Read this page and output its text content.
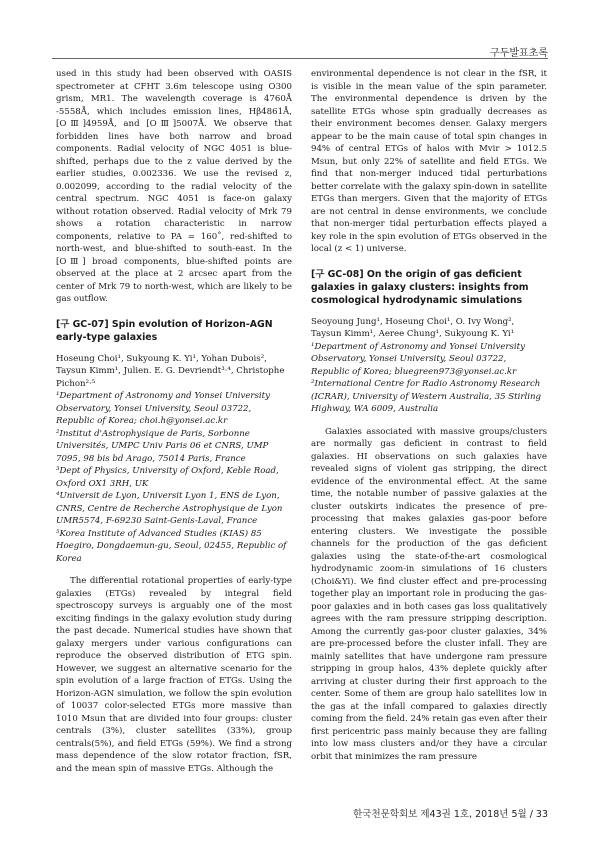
구두발표초록

used in this study had been observed with OASIS spectrometer at CFHT 3.6m telescope using O300 grism, MR1. The wavelength coverage is 4760Å -5558Å, which includes emission lines, Hβ4861Å, [OⅢ]4959Å, and [OⅢ]5007Å. We observe that forbidden lines have both narrow and broad components. Radial velocity of NGC 4051 is blue-shifted, perhaps due to the z value derived by the earlier studies, 0.002336. We use the revised z, 0.002099, according to the radial velocity of the central spectrum. NGC 4051 is face-on galaxy without rotation observed. Radial velocity of Mrk 79 shows a rotation characteristic in narrow components, relative to PA = 160˚, red-shifted to north-west, and blue-shifted to south-east. In the [OⅢ] broad components, blue-shifted points are observed at the place at 2 arcsec apart from the center of Mrk 79 to north-west, which are likely to be gas outflow.

[구 GC-07] Spin evolution of Horizon-AGN early-type galaxies

Hoseung Choi¹, Sukyoung K. Yi¹, Yohan Dubois², Taysun Kimm¹, Julien. E. G. Devriendt³·⁴, Christophe Pichon²·⁵

¹Department of Astronomy and Yonsei University Observatory, Yonsei University, Seoul 03722, Republic of Korea; choi.h@yonsei.ac.kr
²Institut d'Astrophysique de Paris, Sorbonne Universités, UMPC Univ Paris 06 et CNRS, UMP 7095, 98 bis bd Arago, 75014 Paris, France
³Dept of Physics, University of Oxford, Keble Road, Oxford OX1 3RH, UK
⁴Universit de Lyon, Universit Lyon 1, ENS de Lyon, CNRS, Centre de Recherche Astrophysique de Lyon UMR5574, F-69230 Saint-Genis-Laval, France
⁵Korea Institute of Advanced Studies (KIAS) 85 Hoegiro, Dongdaemun-gu, Seoul, 02455, Republic of Korea

The differential rotational properties of early-type galaxies (ETGs) revealed by integral field spectroscopy surveys is arguably one of the most exciting findings in the galaxy evolution study during the past decade. Numerical studies have shown that galaxy mergers under various configurations can reproduce the observed distribution of ETG spin. However, we suggest an alternative scenario for the spin evolution of a large fraction of ETGs. Using the Horizon-AGN simulation, we follow the spin evolution of 10037 color-selected ETGs more massive than 1010 Msun that are divided into four groups: cluster centrals (3%), cluster satellites (33%), group centrals(5%), and field ETGs (59%). We find a strong mass dependence of the slow rotator fraction, fSR, and the mean spin of massive ETGs. Although the

environmental dependence is not clear in the fSR, it is visible in the mean value of the spin parameter. The environmental dependence is driven by the satellite ETGs whose spin gradually decreases as their environment becomes denser. Galaxy mergers appear to be the main cause of total spin changes in 94% of central ETGs of halos with Mvir > 1012.5 Msun, but only 22% of satellite and field ETGs. We find that non-merger induced tidal perturbations better correlate with the galaxy spin-down in satellite ETGs than mergers. Given that the majority of ETGs are not central in dense environments, we conclude that non-merger tidal perturbation effects played a key role in the spin evolution of ETGs observed in the local (z < 1) universe.

[구 GC-08] On the origin of gas deficient galaxies in galaxy clusters: insights from cosmological hydrodynamic simulations

Seoyoung Jung¹, Hoseung Choi¹, O. Ivy Wong², Taysun Kimm¹, Aeree Chung¹, Sukyoung K. Yi¹

¹Department of Astronomy and Yonsei University Observatory, Yonsei University, Seoul 03722, Republic of Korea; bluegreen973@yonsei.ac.kr
²International Centre for Radio Astronomy Research (ICRAR), University of Western Australia, 35 Stirling Highway, WA 6009, Australia

Galaxies associated with massive groups/clusters are normally gas deficient in contrast to field galaxies. HI observations on such galaxies have revealed signs of violent gas stripping, the direct evidence of the environmental effect. At the same time, the notable number of passive galaxies at the cluster outskirts indicates the presence of pre-processing that makes galaxies gas-poor before entering clusters. We investigate the possible channels for the production of the gas deficient galaxies using the state-of-the-art cosmological hydrodynamic zoom-in simulations of 16 clusters (Choi&Yi). We find cluster effect and pre-processing together play an important role in producing the gas-poor galaxies and in both cases gas loss qualitatively agrees with the ram pressure stripping description. Among the currently gas-poor cluster galaxies, 34% are pre-processed before the cluster infall. They are mainly satellites that have undergone ram pressure stripping in group halos, 43% deplete quickly after arriving at cluster during their first approach to the center. Some of them are group halo satellites low in the gas at the infall compared to galaxies directly coming from the field. 24% retain gas even after their first pericentric pass mainly because they are falling into low mass clusters and/or they have a circular orbit that minimizes the ram pressure

한국천문학회보 제43권 1호, 2018년 5월 / 33
